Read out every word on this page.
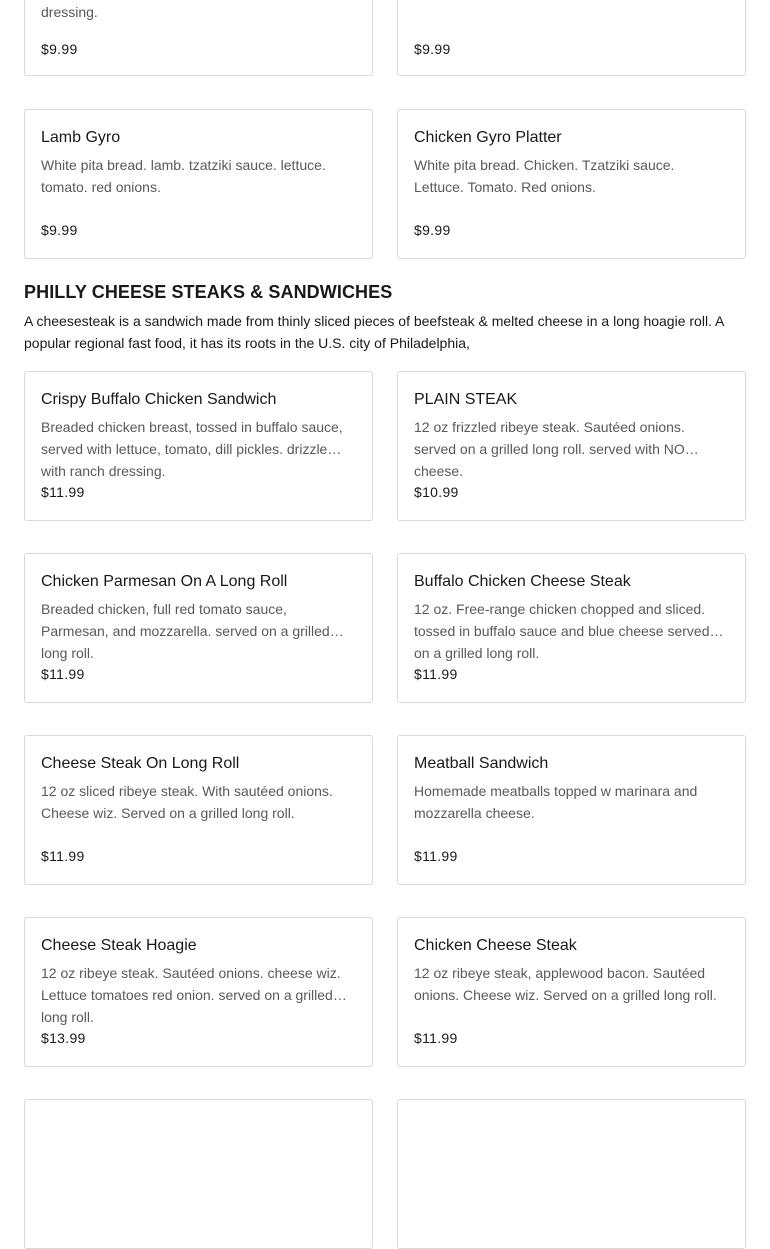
dressing.
$9.99	$9.99
Lamb Gyro
White pita bread. lamb. tzatziki sauce. lettuce. tomato. red onions.
$9.99
Chicken Gyro Platter
White pita bread. Chicken. Tzatziki sauce. Lettuce. Tomato. Red onions.
$9.99
PHILLY CHEESE STEAKS & SANDWICHES

A cheesesteak is a sandwich made from thinly sliced pieces of beefsteak & melted cheese in a long hoagie roll. A popular regional fast food, it has its roots in the U.S. city of Philadelphia,

Crispy Buffalo Chicken Sandwich
Breaded chicken breast, tossed in buffalo sauce, served with lettuce, tomato, dill pickles. drizzle with ranch dressing.
$11.99
PLAIN STEAK
12 oz frizzled ribeye steak. Sautéed onions. served on a grilled long roll. served with NO cheese.
$10.99
Chicken Parmesan On A Long Roll
Breaded chicken, full red tomato sauce, Parmesan, and mozzarella. served on a grilled long roll.
$11.99
Buffalo Chicken Cheese Steak
12 oz. Free-range chicken chopped and sliced. tossed in buffalo sauce and blue cheese served on a grilled long roll.
$11.99
Cheese Steak On Long Roll
12 oz sliced ribeye steak. With sautéed onions. Cheese wiz. Served on a grilled long roll.
$11.99
Meatball Sandwich
Homemade meatballs topped w marinara and mozzarella cheese.
$11.99
Cheese Steak Hoagie
12 oz ribeye steak. Sautéed onions. cheese wiz. Lettuce tomatoes red onion. served on a grilled long roll.
$13.99
Chicken Cheese Steak
12 oz ribeye steak, applewood bacon. Sautéed onions. Cheese wiz. Served on a grilled long roll.
$11.99
